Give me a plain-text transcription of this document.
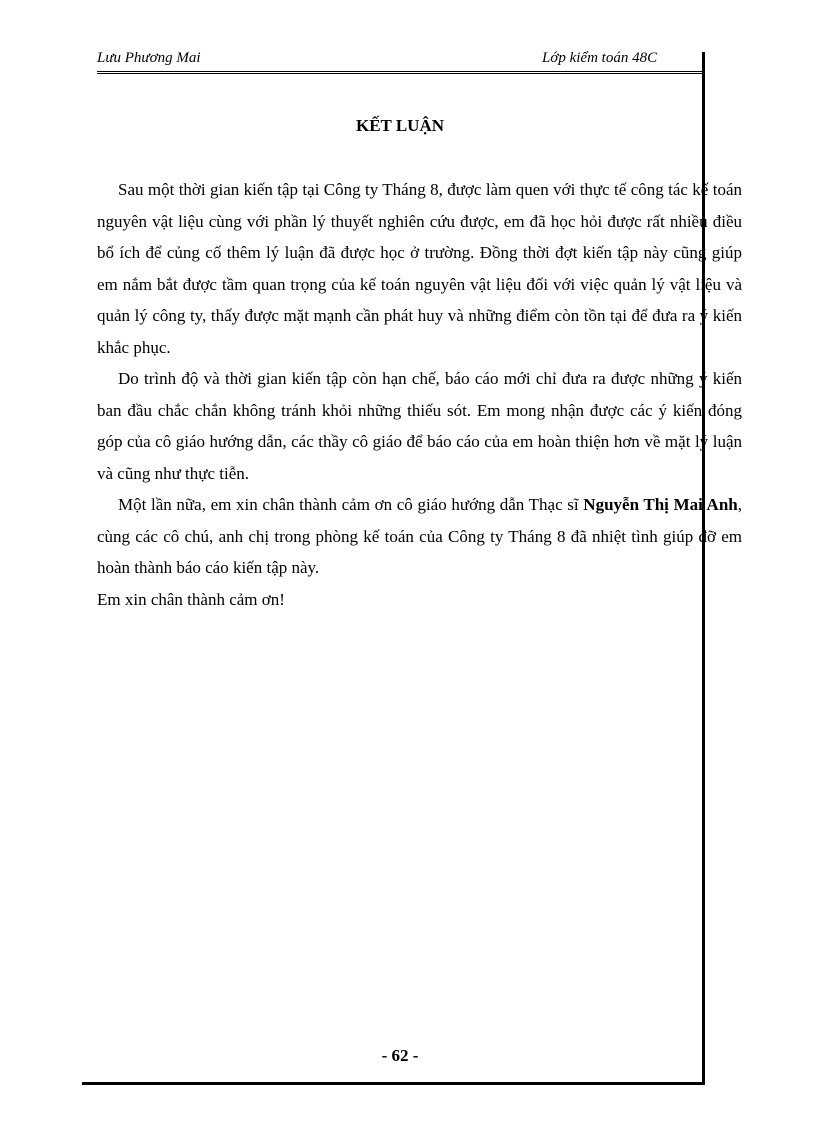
Lưu Phương Mai	Lớp kiểm toán 48C
KẾT LUẬN

Sau một thời gian kiến tập tại Công ty Tháng 8, được làm quen với thực tế công tác kế toán nguyên vật liệu cùng với phần lý thuyết nghiên cứu được, em đã học hỏi được rất nhiều điều bổ ích để củng cố thêm lý luận đã được học ở trường. Đồng thời đợt kiến tập này cũng giúp em nắm bắt được tầm quan trọng của kế toán nguyên vật liệu đối với việc quản lý vật liệu và quản lý công ty, thấy được mặt mạnh cần phát huy và những điểm còn tồn tại để đưa ra ý kiến khắc phục.

Do trình độ và thời gian kiến tập còn hạn chế, báo cáo mới chỉ đưa ra được những ý kiến ban đầu chắc chắn không tránh khỏi những thiếu sót. Em mong nhận được các ý kiến đóng góp của cô giáo hướng dẫn, các thầy cô giáo để báo cáo của em hoàn thiện hơn về mặt lý luận và cũng như thực tiễn.

Một lần nữa, em xin chân thành cảm ơn cô giáo hướng dẫn Thạc sĩ Nguyễn Thị Mai Anh, cùng các cô chú, anh chị trong phòng kế toán của Công ty Tháng 8 đã nhiệt tình giúp đỡ em hoàn thành báo cáo kiến tập này.

Em xin chân thành cảm ơn!

- 62 -
